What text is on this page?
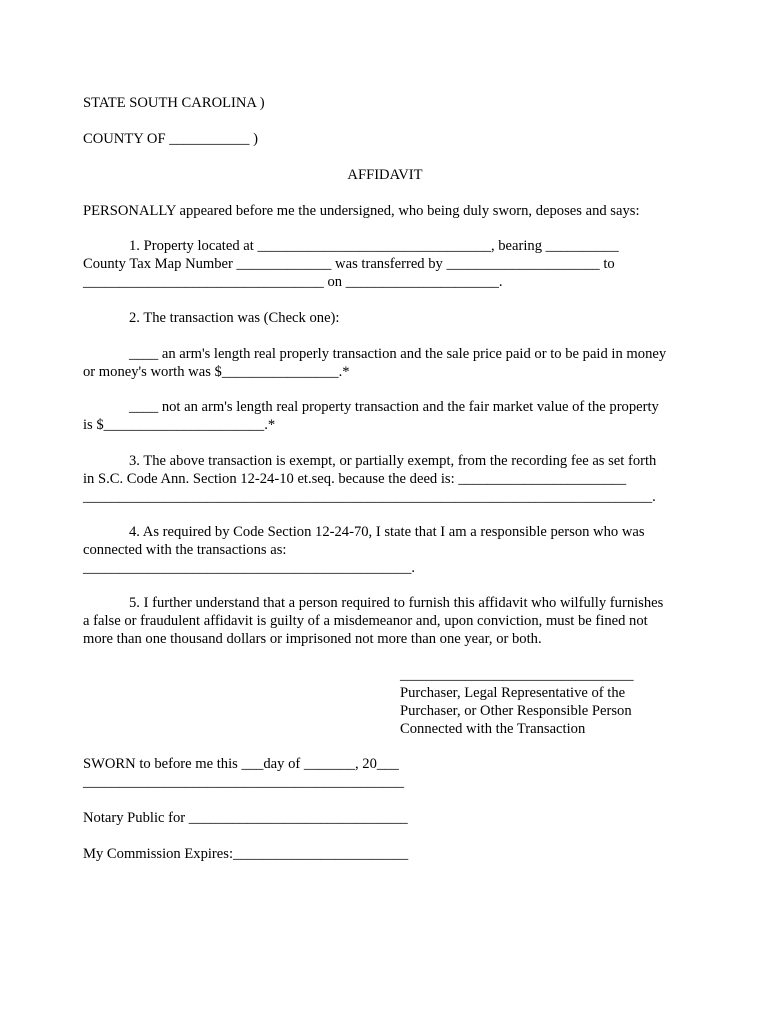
STATE SOUTH CAROLINA )
COUNTY OF ___________ )
AFFIDAVIT
PERSONALLY appeared before me the undersigned, who being duly sworn, deposes and says:
1. Property located at ________________________________, bearing __________
County Tax Map Number _____________ was transferred by _____________________ to
_________________________________ on _____________________.
2. The transaction was (Check one):
____ an arm's length real properly transaction and the sale price paid or to be paid in money
or money's worth was $________________.*
____ not an arm's length real property transaction and the fair market value of the property
is $______________________.*
3. The above transaction is exempt, or partially exempt, from the recording fee as set forth
in S.C. Code Ann. Section 12-24-10 et.seq. because the deed is: _______________________
______________________________________________________________________________.
4. As required by Code Section 12-24-70, I state that I am a responsible person who was
connected with the transactions as:
_____________________________________________.
5. I further understand that a person required to furnish this affidavit who wilfully furnishes
a false or fraudulent affidavit is guilty of a misdemeanor and, upon conviction, must be fined not
more than one thousand dollars or imprisoned not more than one year, or both.
________________________________
Purchaser, Legal Representative of the
Purchaser, or Other Responsible Person
Connected with the Transaction
SWORN to before me this ___day of _______, 20___
____________________________________________
Notary Public for ______________________________
My Commission Expires:________________________
